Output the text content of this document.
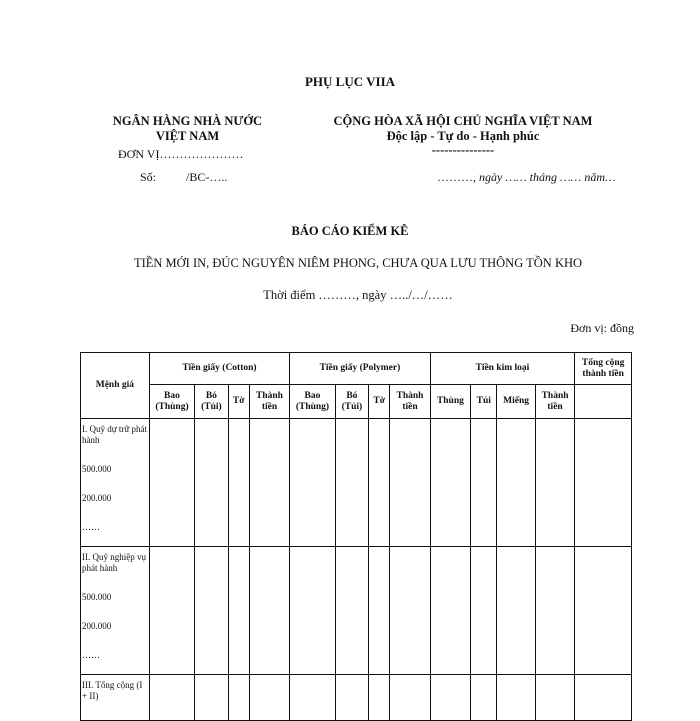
PHỤ LỤC VIIA
NGÂN HÀNG NHÀ NƯỚC
VIỆT NAM
ĐƠN VỊ…………………
Số:          /BC-…..
CỘNG HÒA XÃ HỘI CHỦ NGHĨA VIỆT NAM
Độc lập - Tự do - Hạnh phúc
---------------
………, ngày …… tháng …… năm…
BÁO CÁO KIỂM KÊ
TIỀN MỚI IN, ĐÚC NGUYÊN NIÊM PHONG, CHƯA QUA LƯU THÔNG TỒN KHO
Thời điểm ………, ngày …../…/……
Đơn vị: đồng
Mệnh giá	Tiền giấy (Cotton)				Tiền giấy (Polymer)				Tiền kim loại				Tổng cộng thành tiền
	Bao (Thùng)	Bó (Túi)	Tờ	Thành tiền	Bao (Thùng)	Bó (Túi)	Tờ	Thành tiền	Thùng	Túi	Miếng	Thành tiền	

I. Quỹ dự trữ phát hành
500.000
200.000
……													

II. Quỹ nghiệp vụ phát hành
500.000
200.000
……													

III. Tổng cộng (I + II)													
